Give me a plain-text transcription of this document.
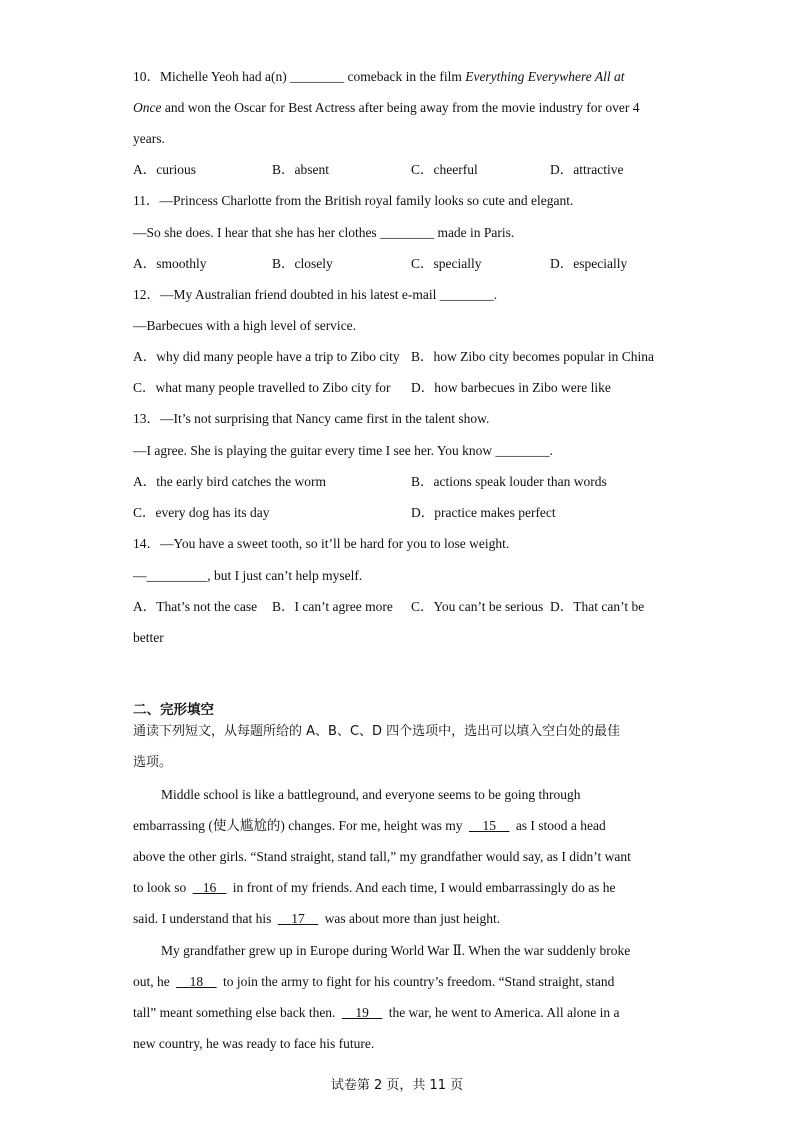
10．Michelle Yeoh had a(n) ________ comeback in the film Everything Everywhere All at
Once and won the Oscar for Best Actress after being away from the movie industry for over 4
years.
A．curious	B．absent	C．cheerful	D．attractive
11．—Princess Charlotte from the British royal family looks so cute and elegant.
—So she does. I hear that she has her clothes ________ made in Paris.
A．smoothly	B．closely	C．specially	D．especially
12．—My Australian friend doubted in his latest e-mail ________.
—Barbecues with a high level of service.
A．why did many people have a trip to Zibo city B．how Zibo city becomes popular in China
C．what many people travelled to Zibo city for D．how barbecues in Zibo were like
13．—It’s not surprising that Nancy came first in the talent show.
—I agree. She is playing the guitar every time I see her. You know ________.
A．the early bird catches the worm	B．actions speak louder than words
C．every dog has its day	D．practice makes perfect
14．—You have a sweet tooth, so it’ll be hard for you to lose weight.
—_________, but I just can’t help myself.
A．That’s not the case B．I can’t agree more C．You can’t be serious D．That can’t be
better
二、完形填空
通读下列短文，从每题所给的 A、B、C、D 四个选项中，选出可以填入空白处的最佳
选项。
Middle school is like a battleground, and everyone seems to be going through
embarrassing (使人尴尬的) changes. For me, height was my 15 as I stood a head
above the other girls. “Stand straight, stand tall,” my grandfather would say, as I didn’t want
to look so 16 in front of my friends. And each time, I would embarrassingly do as he
said. I understand that his 17 was about more than just height.
My grandfather grew up in Europe during World War Ⅱ. When the war suddenly broke
out, he 18 to join the army to fight for his country’s freedom. “Stand straight, stand
tall” meant something else back then. 19 the war, he went to America. All alone in a
new country, he was ready to face his future.
试卷第 2 页，共 11 页
